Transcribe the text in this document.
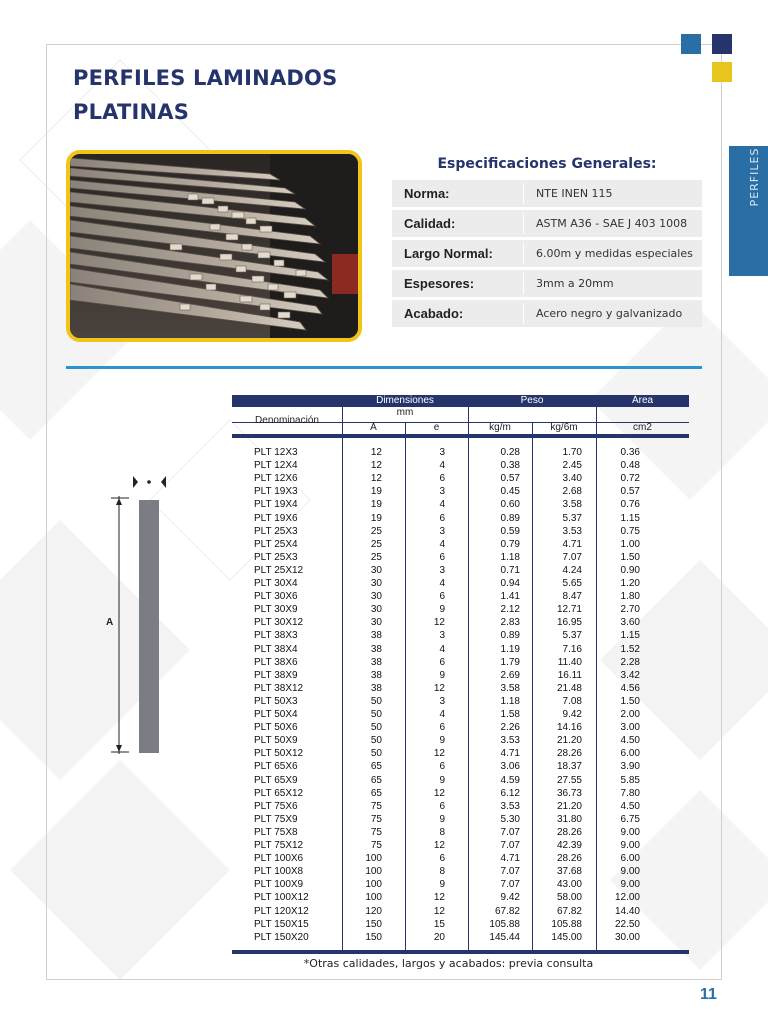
PERFILES LAMINADOS
PLATINAS
PERFILES
Especificaciones Generales:
Norma:	NTE INEN 115
Calidad:	ASTM A36 - SAE J 403 1008
Largo Normal:	6.00m y medidas especiales
Espesores:	3mm a 20mm
Acabado:	Acero negro y galvanizado
A
Dimensiones	Peso	Área
Denominación
mm
A	e	kg/m	kg/6m	cm2
PLT 12X3	12	3	0.28	1.70	0.36
PLT 12X4	12	4	0.38	2.45	0.48
PLT 12X6	12	6	0.57	3.40	0.72
PLT 19X3	19	3	0.45	2.68	0.57
PLT 19X4	19	4	0.60	3.58	0.76
PLT 19X6	19	6	0.89	5.37	1.15
PLT 25X3	25	3	0.59	3.53	0.75
PLT 25X4	25	4	0.79	4.71	1.00
PLT 25X3	25	6	1.18	7.07	1.50
PLT 25X12	30	3	0.71	4.24	0.90
PLT 30X4	30	4	0.94	5.65	1.20
PLT 30X6	30	6	1.41	8.47	1.80
PLT 30X9	30	9	2.12	12.71	2.70
PLT 30X12	30	12	2.83	16.95	3.60
PLT 38X3	38	3	0.89	5.37	1.15
PLT 38X4	38	4	1.19	7.16	1.52
PLT 38X6	38	6	1.79	11.40	2.28
PLT 38X9	38	9	2.69	16.11	3.42
PLT 38X12	38	12	3.58	21.48	4.56
PLT 50X3	50	3	1.18	7.08	1.50
PLT 50X4	50	4	1.58	9.42	2.00
PLT 50X6	50	6	2.26	14.16	3.00
PLT 50X9	50	9	3.53	21.20	4.50
PLT 50X12	50	12	4.71	28.26	6.00
PLT 65X6	65	6	3.06	18.37	3.90
PLT 65X9	65	9	4.59	27.55	5.85
PLT 65X12	65	12	6.12	36.73	7.80
PLT 75X6	75	6	3.53	21.20	4.50
PLT 75X9	75	9	5.30	31.80	6.75
PLT 75X8	75	8	7.07	28.26	9.00
PLT 75X12	75	12	7.07	42.39	9.00
PLT 100X6	100	6	4.71	28.26	6.00
PLT 100X8	100	8	7.07	37.68	9.00
PLT 100X9	100	9	7.07	43.00	9.00
PLT 100X12	100	12	9.42	58.00	12.00
PLT 120X12	120	12	67.82	67.82	14.40
PLT 150X15	150	15	105.88	105.88	22.50
PLT 150X20	150	20	145.44	145.00	30.00
*Otras calidades, largos y acabados: previa consulta
11
